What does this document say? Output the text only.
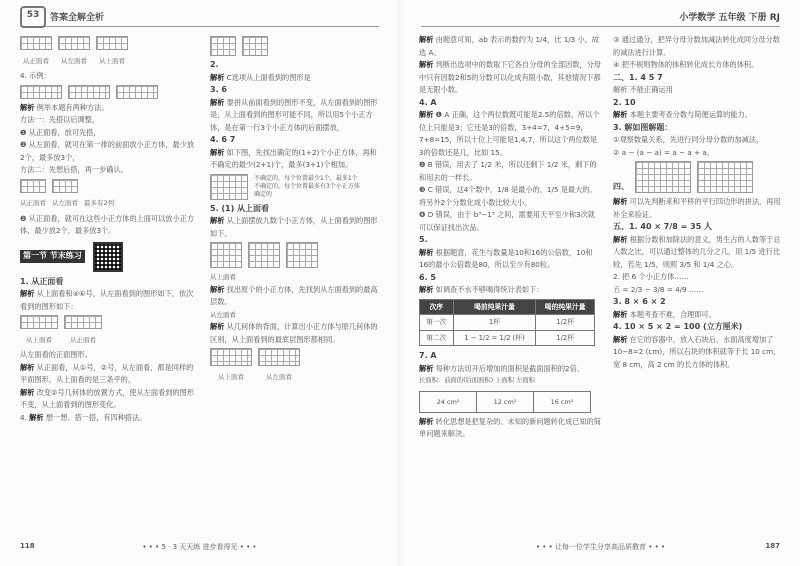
53	答案全解全析
从正面看	从左面看	从上面看

4. 示例：

解析 例举本题有两种方法。

方法一：先搭以后调整，

❶ 从正面看，放可先搭，

❷ 从左面看，就可在第一排的前面放小正方体，最少放2个，最多放3个，

方法二：先想后搭，再一步确认。

从正面看 从左面看 最多有2列

❷ 从正面看，就可在这些小正方体的上面可以放小正方体，最少放2个，最多放3个。

第一节 节末练习

1. 从正面看

解析 从上面看和④⑥号，从左面看到的图形如下，依次看到的图形如下：

从上面看	从正面看

从左面看的正面图形。

解析 从正面看，从①号，②号，从左面看，都是同样的平面图形，从上面看的是三条平的，

解析 改变②号几何体的放置方式，使从左面看到的图形不变，从上面看到的图形变化。

4. 解析 想一想、搭一搭，有四种搭法。

2.

解析 C选项从上面看到的图形是

3. 6

解析 要拼从前面看到的图形不变，从左面看到的图形是，从上面看到的图形可能不同，所以用5个小正方体，是在第一行3个小正方体的后面摆放，

4. 6 7

解析 如下图，先找出确定的(1+2)个小正方体，再和不确定的最少(2+1)个，最多(3+1)个相加。

不确定的，每个位置最少1个，最多1个
不确定的，每个位置最多有3个小正方体
确定的

5. (1) 从上面看

解析 从上面摆放九数个小正方体，从上面看到的图形如下。

从上面看

解析 找出原个的小正方体，先找到从左面看到的最高层数。

从左面看

解析 从几何体的背面，计算出小正方体与原几何体的区别，从上面看到的最底层图形都相同。

从上面看	从左面看
118	• • • 5 · 3 天天练 进步看得见 • • •
小学数学 五年级 下册 RJ

解析 由题意可知，ab 表示的数约为 1/4，比 1/3 小，故选 A。

解析 判断出选项中的数取下它各自分母的全部因数，分母中只有因数2和5的分数可以化成有限小数，其他情况下都是无限小数。

4. A

解析 ❶ A 正确，这个两位数既可能是2.5的倍数，所以个位上只能是3；它还是3的倍数，3+4=7，4+5=9，7+8=15，所以十位上可能是1,4,7，所以这个两位数是3的倍数还是几，比如 15。

❷ B 错误，用去了 1/2 米，所以还剩下 1/2 米，剩下的和用去的一样长。

❸ C 错误，这4个数中，1/8 是最小的，1/5 是最大的。将另外2个分数化成小数比较大小。

❹ D 错误，由于 b³−1³ 之间，需要用天平至少称3次就可以保证找出次品。

5.

解析 根据题意，花生与数量是10和16的公倍数，10和16的最小公倍数是80，所以至少有80粒。

6. 5

解析 如调查不水不够喝得统计表如下：

次序	喝前纯果汁量	喝的纯果汁量
第一次	1杯	1/2杯
第二次	1 − 1/2 = 1/2 (杯)	1/2杯

7. A

解析 每种方法切开后增加的面积是截面面积的2倍。

长面积：前面的(后面面积) 上面积 左面积
24 cm²	12 cm²	16 cm²

解析 转化思想是把复杂的、未知的新问题转化成已知的简单问题来解决。

③ 通过通分，把异分母分数加减法转化成同分母分数的减法进行计算。

④ 把不规则物体的体积转化成长方体的体积。

二、1. 4 5 7

解析 不能正确运用

2. 10

解析 本题主要考查分数与简便运算的能力。

3. 解如图解题：

①观察数量关系，先进行同分母分数的加减法，

② a − (a − a) = a − a + a。

四、

解析 可以先判断来和平移的平行四边形的拼法，再用补全来验证。

五、1. 40 × 7/8 = 35 人

解析 根据分数和加除法的意义，男生占的人数等于总人数之比，可以通过整体的几分之几，用 1/5 进行比较，若先 1/5，则照 3/5 和 1/4 之心。

2. 把 6 个小正方体……

五 = 2/3 − 3/8 = 4/9 ……

3. 8 × 6 × 2

解析 本题考查不难，合理即可。

4. 10 × 5 × 2 = 100 (立方厘米)

解析 在它的容器中，放入石块后，水面高度增加了 10−8=2 (cm)，所以石块的体积就等于长 10 cm，宽 8 cm，高 2 cm 的长方体的体积。

• • • 让每一位学生分享高品质教育 • • •	187
